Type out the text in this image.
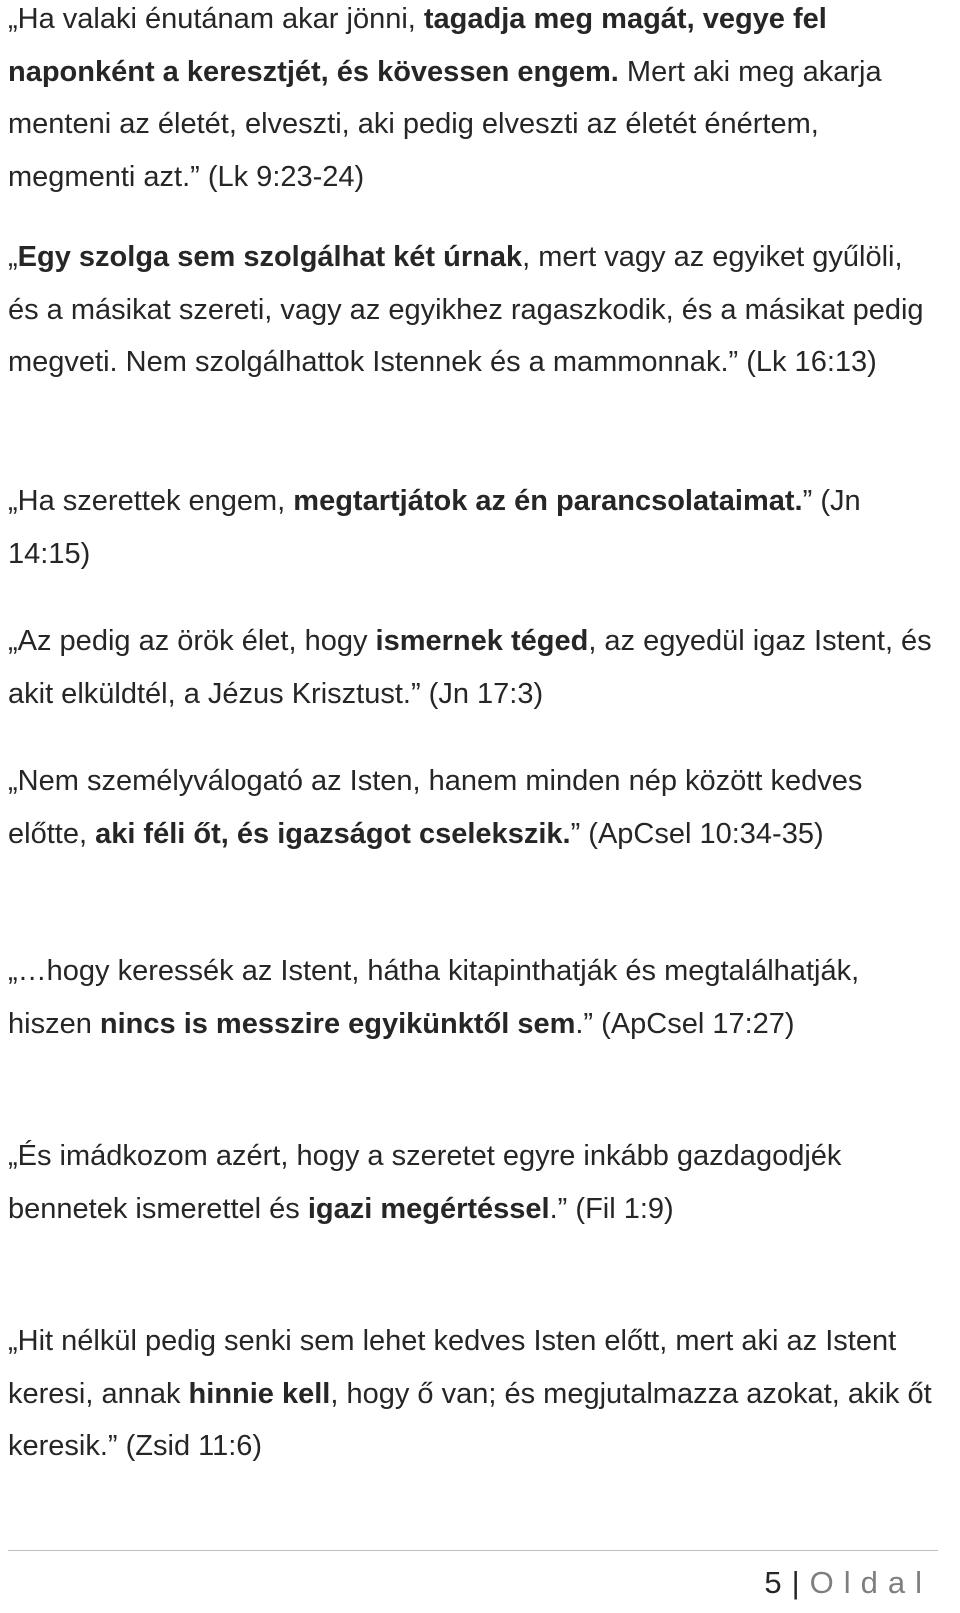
„Ha valaki énutánam akar jönni, tagadja meg magát, vegye fel naponként a keresztjét, és kövessen engem. Mert aki meg akarja menteni az életét, elveszti, aki pedig elveszti az életét énértem, megmenti azt.” (Lk 9:23-24)

„Egy szolga sem szolgálhat két úrnak, mert vagy az egyiket gyűlöli, és a másikat szereti, vagy az egyikhez ragaszkodik, és a másikat pedig megveti. Nem szolgálhattok Istennek és a mammonnak.” (Lk 16:13)

„Ha szerettek engem, megtartjátok az én parancsolataimat.” (Jn 14:15)

„Az pedig az örök élet, hogy ismernek téged, az egyedül igaz Istent, és akit elküldtél, a Jézus Krisztust.” (Jn 17:3)

„Nem személyválogató az Isten, hanem minden nép között kedves előtte, aki féli őt, és igazságot cselekszik.” (ApCsel 10:34-35)

„…hogy keressék az Istent, hátha kitapinthatják és megtalálhatják, hiszen nincs is messzire egyikünktől sem.” (ApCsel 17:27)

„És imádkozom azért, hogy a szeretet egyre inkább gazdagodjék bennetek ismerettel és igazi megértéssel.” (Fil 1:9)

„Hit nélkül pedig senki sem lehet kedves Isten előtt, mert aki az Istent keresi, annak hinnie kell, hogy ő van; és megjutalmazza azokat, akik őt keresik.” (Zsid 11:6)

5 | Oldal
